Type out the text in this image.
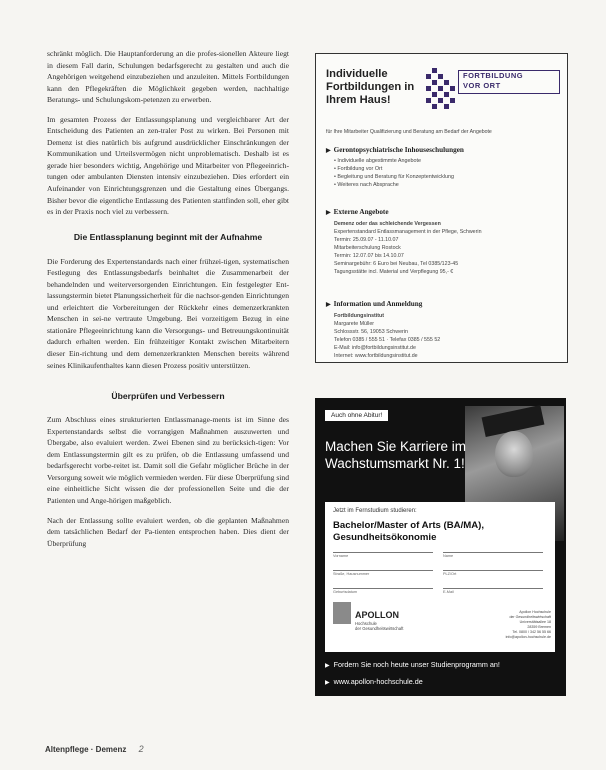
schränkt möglich. Die Hauptanforderung an die profes-sionellen Akteure liegt in diesem Fall darin, Schulungen bedarfsgerecht zu gestalten und auch die Angehörigen weitgehend einzubeziehen und anzuleiten. Mittels Fortbildungen kann den Pflegekräften die Möglichkeit gegeben werden, nachhaltige Beratungs- und Schulungskom-petenzen zu erwerben.

Im gesamten Prozess der Entlassungsplanung und vergleichbarer Art der Entscheidung des Patienten an zen-traler Post zu wirken. Bei Personen mit Demenz ist dies natürlich bis aufgrund ausdrücklicher Einschränkungen der Kommunikation und Urteilsvermögen nicht unproblematisch. Deshalb ist es gerade hier besonders wichtig, Angehörige und Mitarbeiter von Pflegeeinrich-tungen oder ambulanten Diensten intensiv einzubeziehen. Dies erfordert ein Aufeinander von Einrichtungsgrenzen und die Gestaltung eines Übergangs. Bisher bevor die eigentliche Entlassung des Patienten stattfinden soll, eher gibt es in der Praxis noch viel zu verbessern.

Die Entlassplanung beginnt mit der Aufnahme

Die Forderung des Expertenstandards nach einer frühzei-tigen, systematischen Festlegung des Entlassungsbedarfs beinhaltet die Zusammenarbeit der behandelnden und weiterversorgenden Einrichtungen. Ein festgelegter Ent-lassungstermin bietet Planungssicherheit für die nachsor-genden Einrichtungen und erleichtert die Vorbereitungen der Rückkehr eines demenzerkrankten Menschen in sei-ne vertraute Umgebung. Bei vorzeitigem Bezug in eine stationäre Pflegeeinrichtung kann die Versorgungs- und Betreuungskontinuität dadurch erhalten werden. Ein frühzeitiger Kontakt zwischen Mitarbeitern dieser Ein-richtung und dem demenzerkrankten Menschen bereits während seines Klinikaufenthaltes kann diesen Prozess positiv unterstützen.

Überprüfen und Verbessern

Zum Abschluss eines strukturierten Entlassmanage-ments ist im Sinne des Expertenstandards selbst die vorrangigen Maßnahmen auszuwerten und Übergabe, also evaluiert werden. Zwei Ebenen sind zu berücksich-tigen: Vor dem Entlassungstermin gilt es zu prüfen, ob die Entlassung umfassend und bedarfsgerecht vorbe-reitet ist. Damit soll die Gefahr möglicher Brüche in der Versorgung soweit wie möglich vermieden werden. Für diese Überprüfung sind eine einheitliche Sicht wissen die der professionellen Seite und die der Patienten und Ange-hörigen maßgeblich.

Nach der Entlassung sollte evaluiert werden, ob die geplanten Maßnahmen dem tatsächlichen Bedarf der Pa-tienten entsprochen haben. Dies dient der Überprüfung

Altenpflege · Demenz 2
Individuelle Fortbildungen in Ihrem Haus!
FORTBILDUNG
VOR ORT
für Ihre Mitarbeiter Qualifizierung und Beratung am Bedarf der Angebote
▶ Gerontopsychiatrische Inhouseschulungen
• Individuelle abgestimmte Angebote
• Fortbildung vor Ort
• Begleitung und Beratung für Konzeptentwicklung
• Weiteres nach Absprache
▶ Externe Angebote
Demenz oder das schleichende Vergessen
Expertenstandard Entlassmanagement in der Pflege, Schwerin
Termin: 25.09.07 - 11.10.07
Mitarbeiterschulung Rostock
Termin: 12.07.07 bis 14.10.07
Seminargebühr: 6 Euro bei Neubau, Tel 0385/123-45
Tagungsstätte incl. Material und Verpflegung 95,- €
▶ Information und Anmeldung
Fortbildungsinstitut
Margarete Müller
Schlossstr. 56, 19053 Schwerin
Telefon 0385 / 555 51 · Telefax 0385 / 555 52
E-Mail: info@fortbildungsinstitut.de
Internet: www.fortbildungsinstitut.de
Auch ohne Abitur!
Machen Sie Karriere im
Wachstumsmarkt Nr. 1!
Jetzt im Fernstudium studieren:
Bachelor/Master of Arts (BA/MA),
Gesundheitsökonomie
Vorname	Name
Straße, Hausnummer	PLZ/Ort
Geburtsdatum	E-Mail
APOLLON
Hochschule
der Gesundheitswirtschaft
Apollon Hochschule
der Gesundheitswirtschaft
Universitätsallee 18
28359 Bremen
Tel. 0800 / 342 56 55 66
info@apollon-hochschule.de
▶ Fordern Sie noch heute unser Studienprogramm an!
▶ www.apollon-hochschule.de
